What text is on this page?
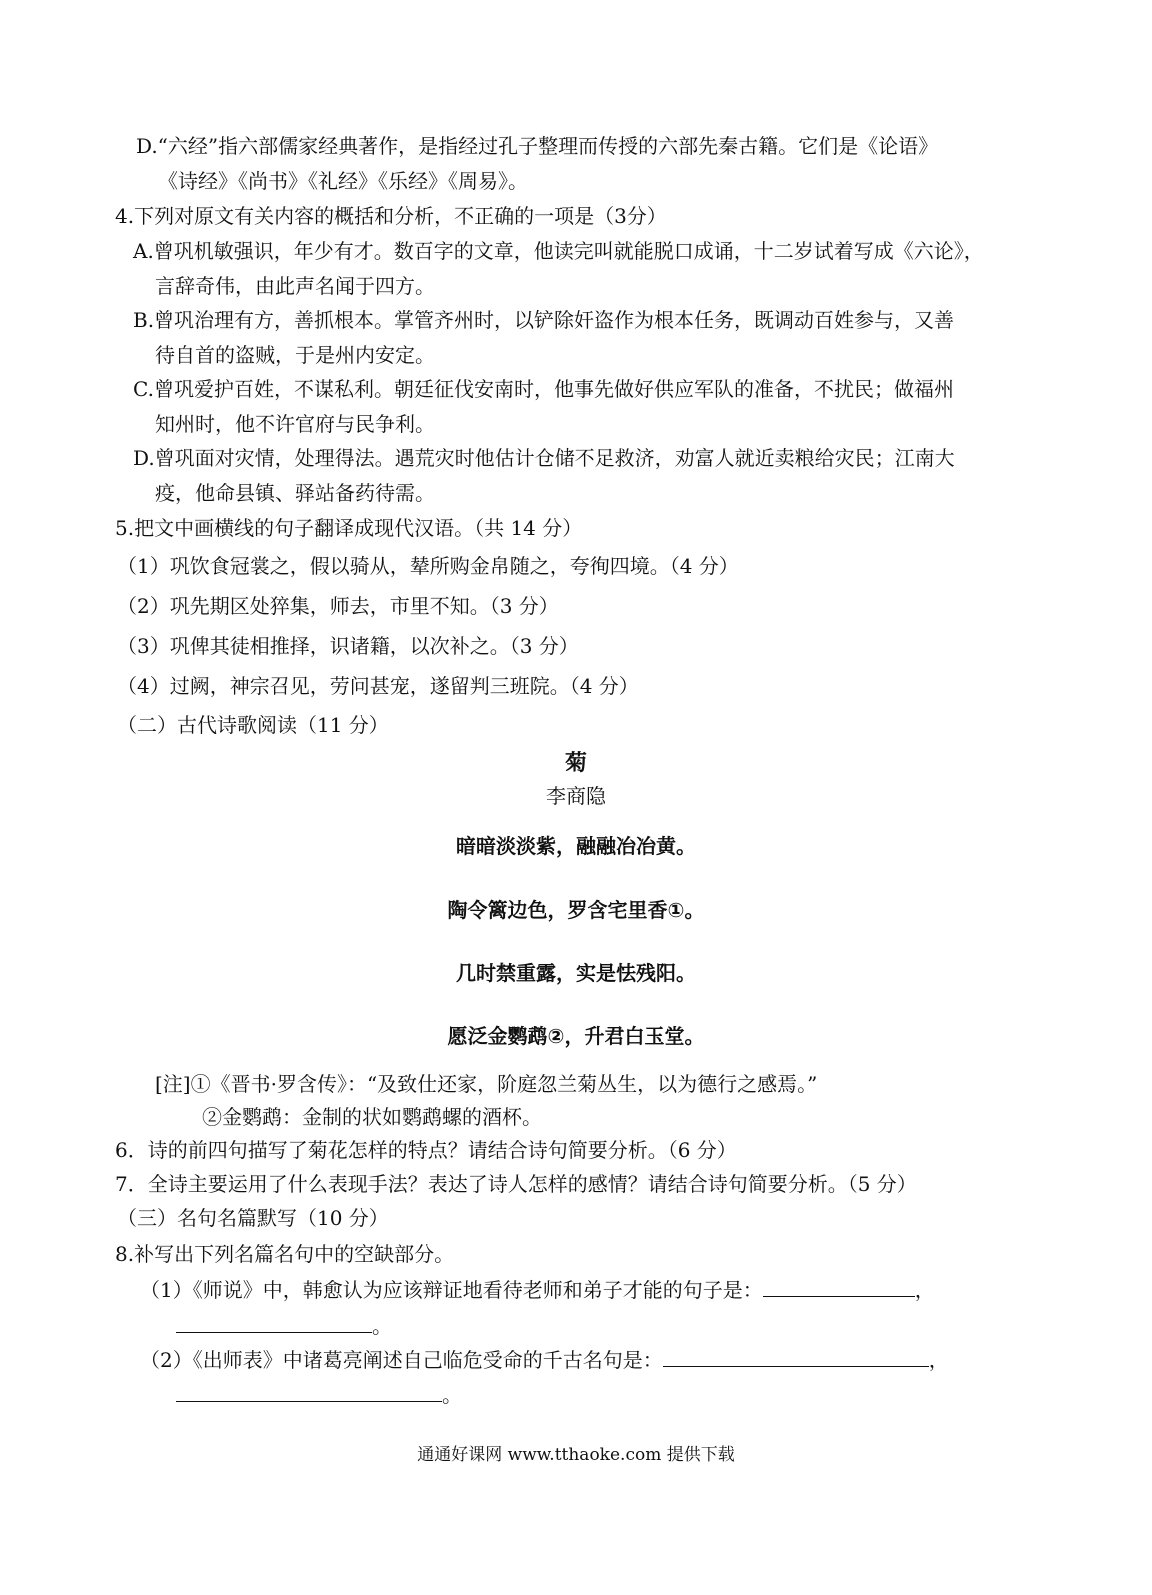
D.“六经”指六部儒家经典著作，是指经过孔子整理而传授的六部先秦古籍。它们是《论语》
《诗经》《尚书》《礼经》《乐经》《周易》。
4.下列对原文有关内容的概括和分析，不正确的一项是（3分）
A.曾巩机敏强识，年少有才。数百字的文章，他读完叫就能脱口成诵，十二岁试着写成《六论》，
言辞奇伟，由此声名闻于四方。
B.曾巩治理有方，善抓根本。掌管齐州时，以铲除奸盗作为根本任务，既调动百姓参与，又善
待自首的盗贼，于是州内安定。
C.曾巩爱护百姓，不谋私利。朝廷征伐安南时，他事先做好供应军队的准备，不扰民；做福州
知州时，他不许官府与民争利。
D.曾巩面对灾情，处理得法。遇荒灾时他估计仓储不足救济，劝富人就近卖粮给灾民；江南大
疫，他命县镇、驿站备药待需。
5.把文中画横线的句子翻译成现代汉语。（共 14 分）
（1）巩饮食冠裳之，假以骑从，辇所购金帛随之，夸徇四境。（4 分）
（2）巩先期区处猝集，师去，市里不知。（3 分）
（3）巩俾其徒相推择，识诸籍，以次补之。（3 分）
（4）过阙，神宗召见，劳问甚宠，遂留判三班院。（4 分）
（二）古代诗歌阅读（11 分）
菊
李商隐
暗暗淡淡紫，融融冶冶黄。
陶令篱边色，罗含宅里香①。
几时禁重露，实是怯残阳。
愿泛金鹦鹉②，升君白玉堂。
[注]①《晋书·罗含传》：“及致仕还家，阶庭忽兰菊丛生，以为德行之感焉。”
②金鹦鹉：金制的状如鹦鹉螺的酒杯。
6．诗的前四句描写了菊花怎样的特点？请结合诗句简要分析。（6 分）
7．全诗主要运用了什么表现手法？表达了诗人怎样的感情？请结合诗句简要分析。（5 分）
（三）名句名篇默写（10 分）
8.补写出下列名篇名句中的空缺部分。
（1）《师说》中，韩愈认为应该辩证地看待老师和弟子才能的句子是：	，
。
（2）《出师表》中诸葛亮阐述自己临危受命的千古名句是：	，
。
通通好课网 www.tthaoke.com 提供下载
